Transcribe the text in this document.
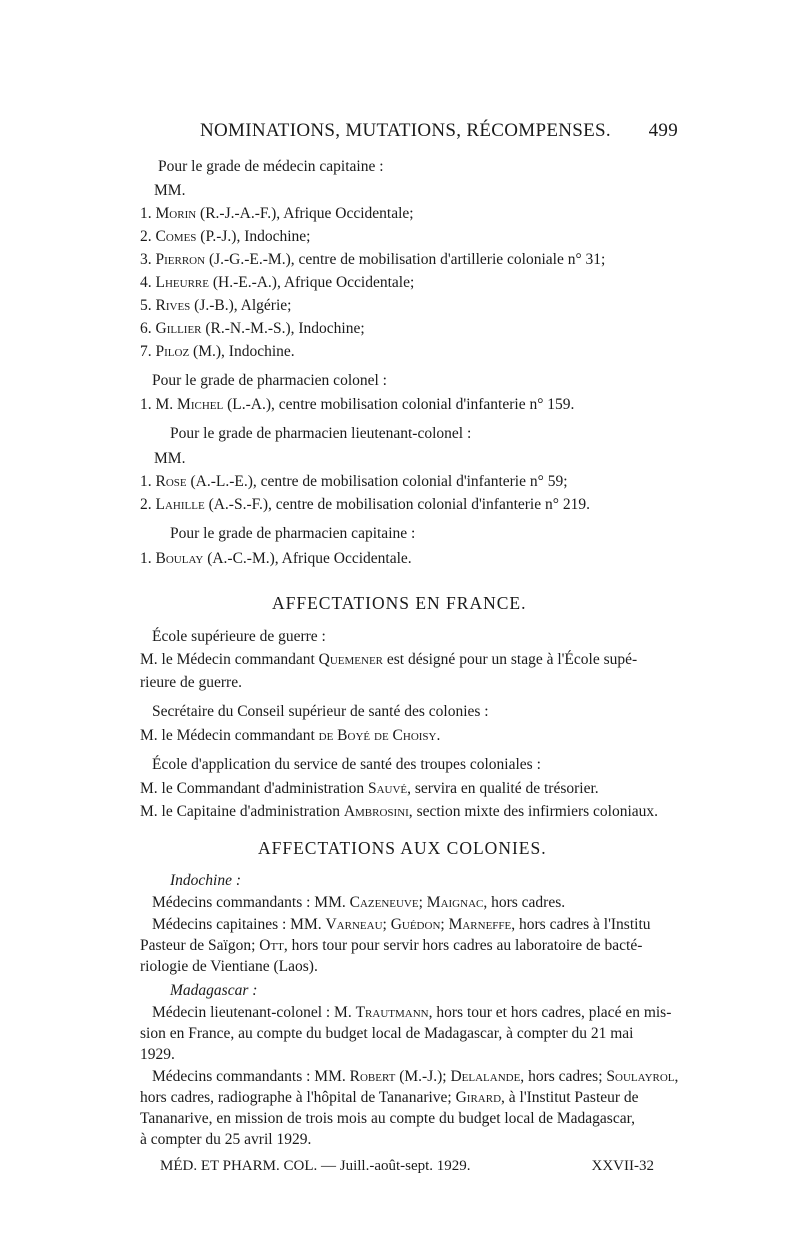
NOMINATIONS, MUTATIONS, RÉCOMPENSES. 499
Pour le grade de médecin capitaine :
MM.
1. Morin (R.-J.-A.-F.), Afrique Occidentale;
2. Comes (P.-J.), Indochine;
3. Pierron (J.-G.-E.-M.), centre de mobilisation d'artillerie coloniale n° 31;
4. Lheurre (H.-E.-A.), Afrique Occidentale;
5. Rives (J.-B.), Algérie;
6. Gillier (R.-N.-M.-S.), Indochine;
7. Piloz (M.), Indochine.
Pour le grade de pharmacien colonel :
1. M. Michel (L.-A.), centre mobilisation colonial d'infanterie n° 159.
Pour le grade de pharmacien lieutenant-colonel :
MM.
1. Rose (A.-L.-E.), centre de mobilisation colonial d'infanterie n° 59;
2. Lahille (A.-S.-F.), centre de mobilisation colonial d'infanterie n° 219.
Pour le grade de pharmacien capitaine :
1. Boulay (A.-C.-M.), Afrique Occidentale.
AFFECTATIONS EN FRANCE.
École supérieure de guerre :
M. le Médecin commandant Quemener est désigné pour un stage à l'École supé-
rieure de guerre.
Secrétaire du Conseil supérieur de santé des colonies :
M. le Médecin commandant de Boyé de Choisy.
École d'application du service de santé des troupes coloniales :
M. le Commandant d'administration Sauvé, servira en qualité de trésorier.
M. le Capitaine d'administration Ambrosini, section mixte des infirmiers coloniaux.
AFFECTATIONS AUX COLONIES.
Indochine :
Médecins commandants : MM. Cazeneuve; Maignac, hors cadres.
Médecins capitaines : MM. Varneau; Guédon; Marneffe, hors cadres à l'Institu
Pasteur de Saïgon; Ott, hors tour pour servir hors cadres au laboratoire de bacté-
riologie de Vientiane (Laos).
Madagascar :
Médecin lieutenant-colonel : M. Trautmann, hors tour et hors cadres, placé en mis-
sion en France, au compte du budget local de Madagascar, à compter du 21 mai
1929.
Médecins commandants : MM. Robert (M.-J.); Delalande, hors cadres; Soulayrol,
MÉD. ET PHARM. COL. — Juill.-août-sept. 1929.	XXVII-32
hors cadres, radiographe à l'hôpital de Tananarive; Girard, à l'Institut Pasteur de
Tananarive, en mission de trois mois au compte du budget local de Madagascar,
à compter du 25 avril 1929.
